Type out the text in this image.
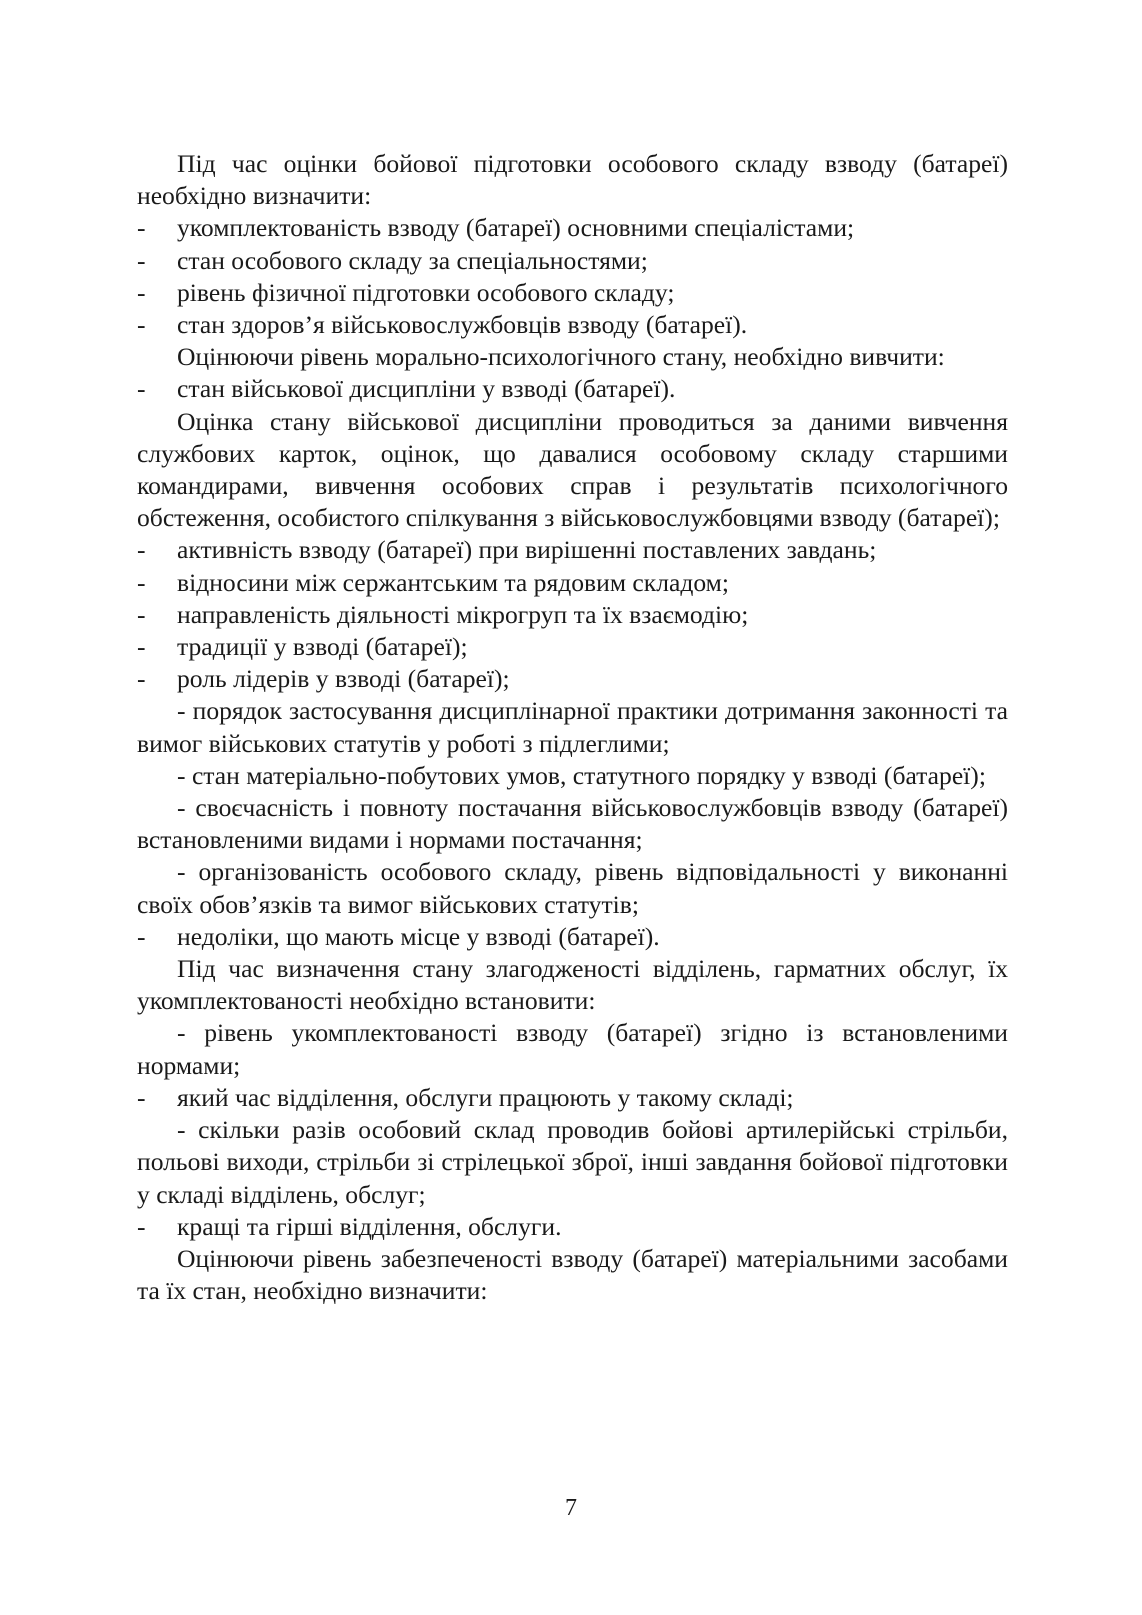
Під час оцінки бойової підготовки особового складу взводу (батареї) необхідно визначити:

- укомплектованість взводу (батареї) основними спеціалістами;

- стан особового складу за спеціальностями;

- рівень фізичної підготовки особового складу;

- стан здоров’я військовослужбовців взводу (батареї).

Оцінюючи рівень морально-психологічного стану, необхідно вивчити:

- стан військової дисципліни у взводі (батареї).

Оцінка стану військової дисципліни проводиться за даними вивчення службових карток, оцінок, що давалися особовому складу старшими командирами, вивчення особових справ і результатів психологічного обстеження, особистого спілкування з військовослужбовцями взводу (батареї);

- активність взводу (батареї) при вирішенні поставлених завдань;

- відносини між сержантським та рядовим складом;

- направленість діяльності мікрогруп та їх взаємодію;

- традиції у взводі (батареї);

- роль лідерів у взводі (батареї);

- порядок застосування дисциплінарної практики дотримання законності та вимог військових статутів у роботі з підлеглими;

- стан матеріально-побутових умов, статутного порядку у взводі (батареї);

- своєчасність і повноту постачання військовослужбовців взводу (батареї) встановленими видами і нормами постачання;

- організованість особового складу, рівень відповідальності у виконанні своїх обов’язків та вимог військових статутів;

- недоліки, що мають місце у взводі (батареї).

Під час визначення стану злагодженості відділень, гарматних обслуг, їх укомплектованості необхідно встановити:

- рівень укомплектованості взводу (батареї) згідно із встановленими нормами;

- який час відділення, обслуги працюють у такому складі;

- скільки разів особовий склад проводив бойові артилерійські стрільби, польові виходи, стрільби зі стрілецької зброї, інші завдання бойової підготовки у складі відділень, обслуг;

- кращі та гірші відділення, обслуги.

Оцінюючи рівень забезпеченості взводу (батареї) матеріальними засобами та їх стан, необхідно визначити:

7
